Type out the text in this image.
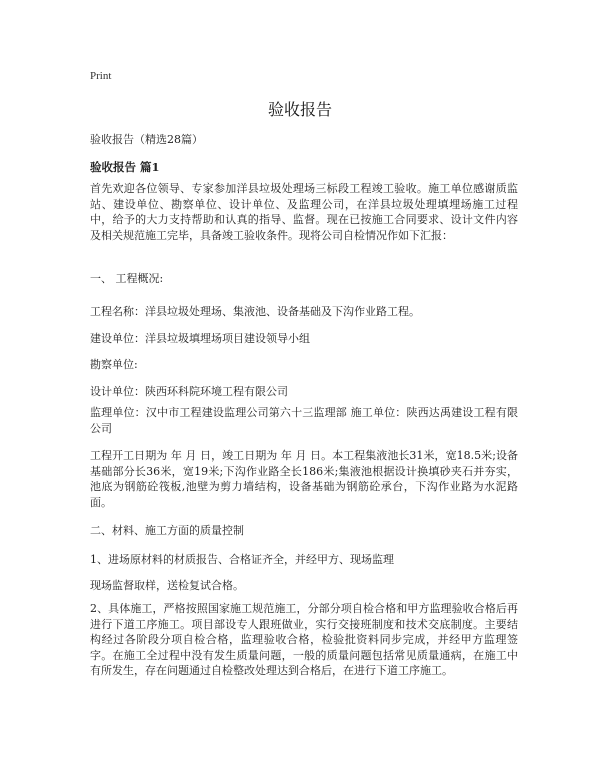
Print
验收报告
验收报告（精选28篇）
验收报告 篇1

首先欢迎各位领导、专家参加洋县垃圾处理场三标段工程竣工验收。施工单位感谢质监站、建设单位、勘察单位、设计单位、及监理公司，在洋县垃圾处理填埋场施工过程中，给予的大力支持帮助和认真的指导、监督。现在已按施工合同要求、设计文件内容及相关规范施工完毕，具备竣工验收条件。现将公司自检情况作如下汇报：

一、 工程概况:
工程名称：洋县垃圾处理场、集液池、设备基础及下沟作业路工程。
建设单位：洋县垃圾填埋场项目建设领导小组
勘察单位:
设计单位：陕西环科院环境工程有限公司

监理单位：汉中市工程建设监理公司第六十三监理部 施工单位：陕西达禹建设工程有限公司

工程开工日期为 年 月 日，竣工日期为 年 月 日。本工程集液池长31米，宽18.5米;设备基础部分长36米，宽19米;下沟作业路全长186米;集液池根据设计换填砂夹石并夯实，池底为钢筋砼筏板,池壁为剪力墙结构，设备基础为钢筋砼承台，下沟作业路为水泥路面。

二、材料、施工方面的质量控制
1、进场原材料的材质报告、合格证齐全，并经甲方、现场监理
现场监督取样，送检复试合格。

2、具体施工，严格按照国家施工规范施工，分部分项自检合格和甲方监理验收合格后再进行下道工序施工。项目部设专人跟班做业，实行交接班制度和技术交底制度。主要结构经过各阶段分项自检合格，监理验收合格，检验批资料同步完成，并经甲方监理签字。在施工全过程中没有发生质量问题，一般的质量问题包括常见质量通病，在施工中有所发生，存在问题通过自检整改处理达到合格后，在进行下道工序施工。
